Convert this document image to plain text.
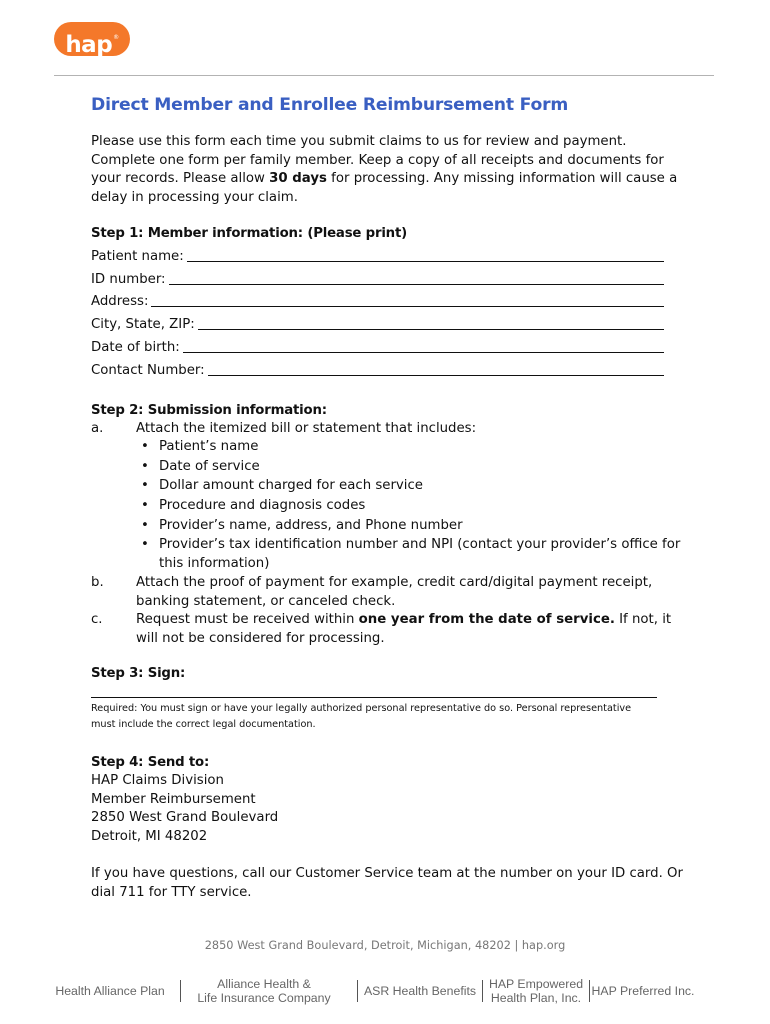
hap®
Direct Member and Enrollee Reimbursement Form

Please use this form each time you submit claims to us for review and payment. Complete one form per family member. Keep a copy of all receipts and documents for your records. Please allow 30 days for processing. Any missing information will cause a delay in processing your claim.

Step 1: Member information: (Please print)
Patient name:
ID number:
Address:
City, State, ZIP:
Date of birth:
Contact Number:
Step 2: Submission information:
a.	Attach the itemized bill or statement that includes:
• Patient’s name
• Date of service
• Dollar amount charged for each service
• Procedure and diagnosis codes
• Provider’s name, address, and Phone number
• Provider’s tax identification number and NPI (contact your provider’s office for this information)
b.	Attach the proof of payment for example, credit card/digital payment receipt, banking statement, or canceled check.
c.	Request must be received within one year from the date of service. If not, it will not be considered for processing.
Step 3: Sign:
Required: You must sign or have your legally authorized personal representative do so. Personal representative must include the correct legal documentation.
Step 4: Send to:
HAP Claims Division
Member Reimbursement
2850 West Grand Boulevard
Detroit, MI 48202

If you have questions, call our Customer Service team at the number on your ID card. Or dial 711 for TTY service.

2850 West Grand Boulevard, Detroit, Michigan, 48202 | hap.org
Health Alliance Plan	Alliance Health &
Life Insurance Company	ASR Health Benefits	HAP Empowered
Health Plan, Inc. HAP Preferred Inc.
